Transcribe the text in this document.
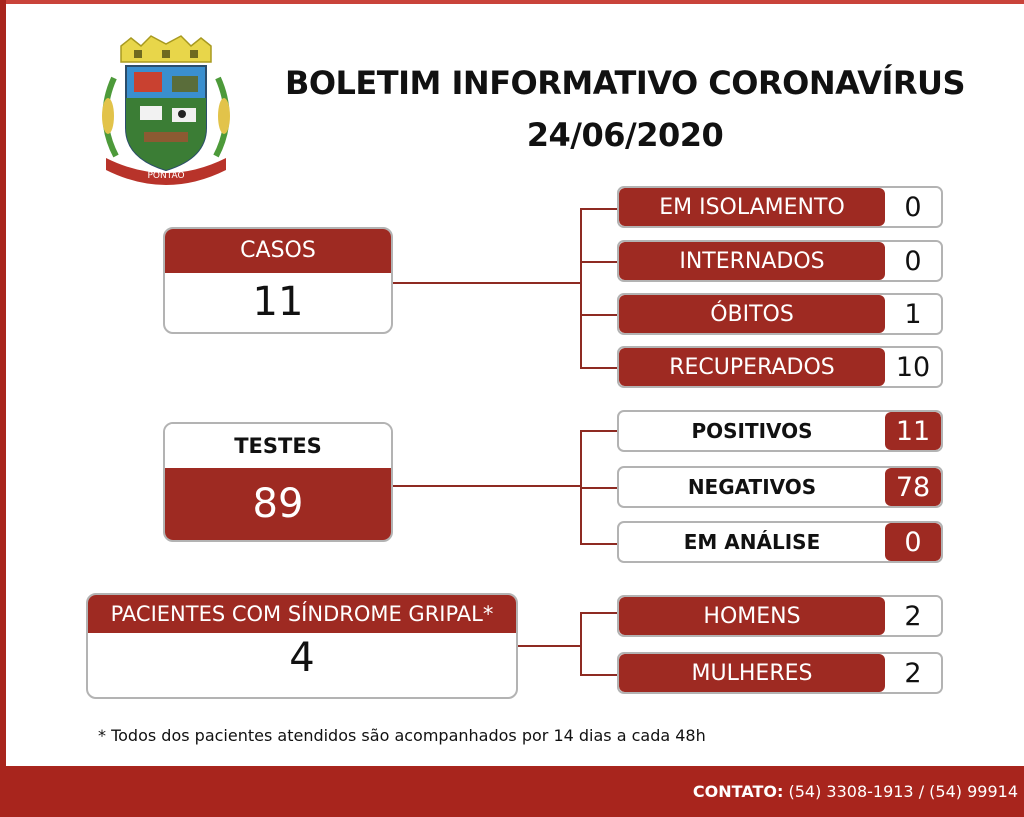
PONTÃO
BOLETIM INFORMATIVO CORONAVÍRUS
24/06/2020
CASOS
11
EM ISOLAMENTO	0
INTERNADOS	0
ÓBITOS	1
RECUPERADOS	10
TESTES
89
POSITIVOS	11
NEGATIVOS	78
EM ANÁLISE	0
PACIENTES COM SÍNDROME GRIPAL*
4
HOMENS	2
MULHERES	2
* Todos dos pacientes atendidos são acompanhados por 14 dias a cada 48h
CONTATO: (54) 3308-1913 / (54) 99914
